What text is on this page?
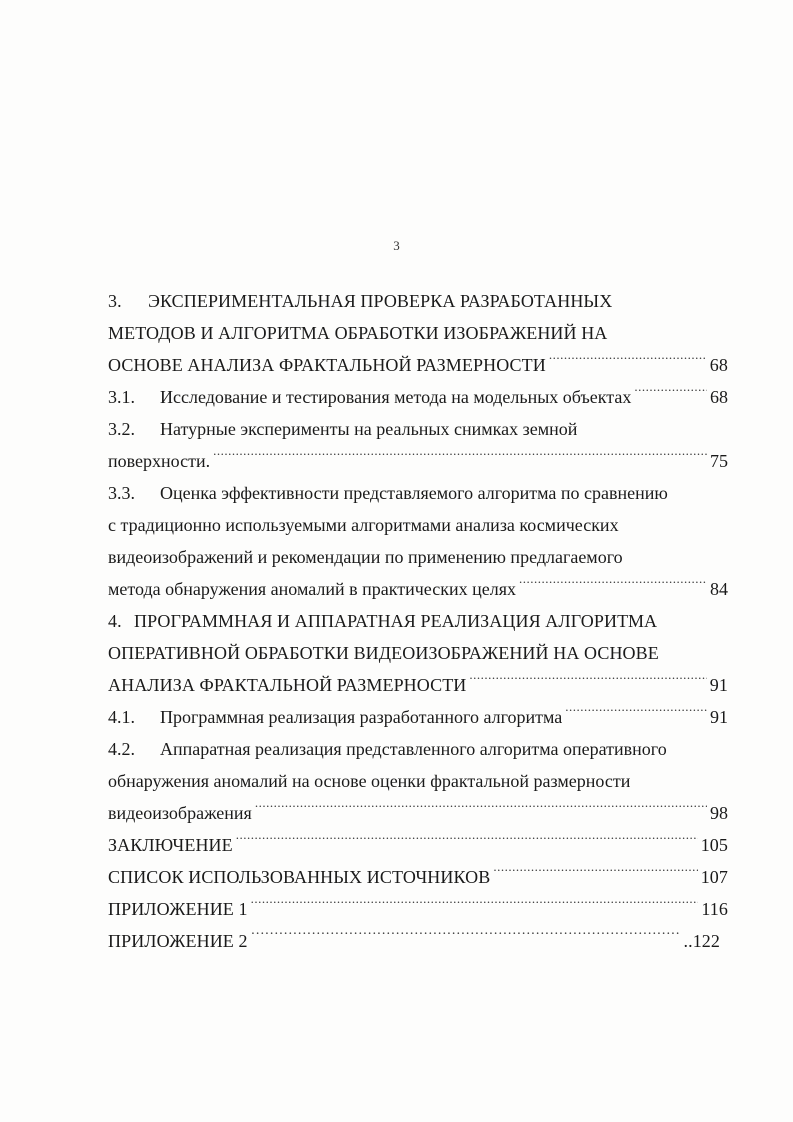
3
3.	ЭКСПЕРИМЕНТАЛЬНАЯ ПРОВЕРКА РАЗРАБОТАННЫХ
МЕТОДОВ И АЛГОРИТМА ОБРАБОТКИ ИЗОБРАЖЕНИЙ НА
ОСНОВЕ АНАЛИЗА ФРАКТАЛЬНОЙ РАЗМЕРНОСТИ .....	68
3.1.	Исследование и тестирования метода на модельных объектах .....	68
3.2.	Натурные эксперименты на реальных снимках земной
поверхности. .....	75
3.3.	Оценка эффективности представляемого алгоритма по сравнению
с традиционно используемыми алгоритмами анализа космических
видеоизображений и рекомендации по применению предлагаемого
метода обнаружения аномалий в практических целях .....	84
4. ПРОГРАММНАЯ И АППАРАТНАЯ РЕАЛИЗАЦИЯ АЛГОРИТМА
ОПЕРАТИВНОЙ ОБРАБОТКИ ВИДЕОИЗОБРАЖЕНИЙ НА ОСНОВЕ
АНАЛИЗА ФРАКТАЛЬНОЙ РАЗМЕРНОСТИ .....	91
4.1.	Программная реализация разработанного алгоритма .....	91
4.2.	Аппаратная реализация представленного алгоритма оперативного
обнаружения аномалий на основе оценки фрактальной размерности
видеоизображения .....	98
ЗАКЛЮЧЕНИЕ .....	105
СПИСОК ИСПОЛЬЗОВАННЫХ ИСТОЧНИКОВ .....	107
ПРИЛОЖЕНИЕ 1 .....	116
ПРИЛОЖЕНИЕ 2 ……………………………………………………………………………………………………………………	..122
